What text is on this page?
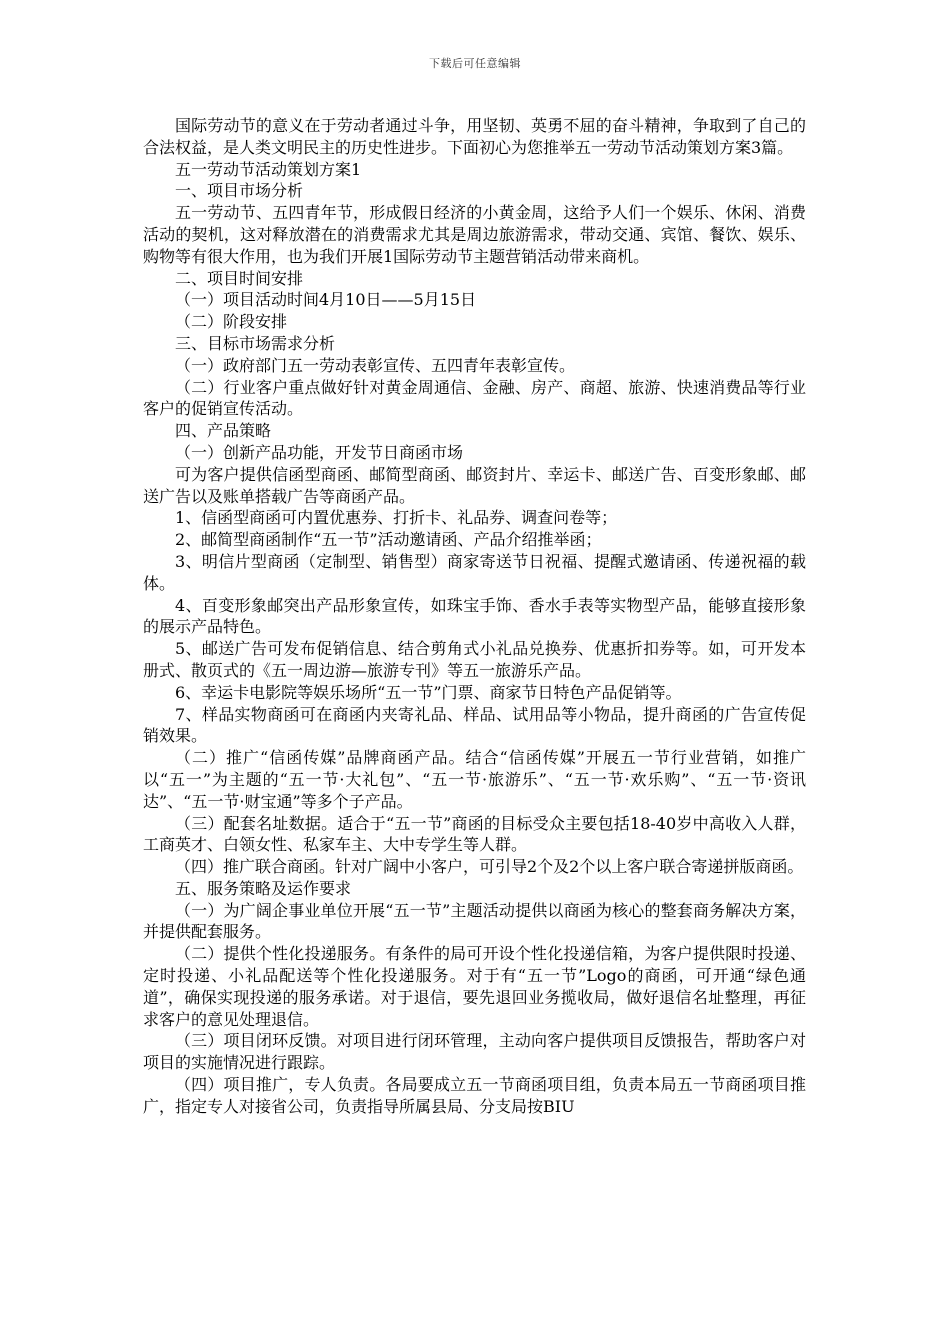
下载后可任意编辑

国际劳动节的意义在于劳动者通过斗争，用坚韧、英勇不屈的奋斗精神，争取到了自己的合法权益，是人类文明民主的历史性进步。下面初心为您推举五一劳动节活动策划方案3篇。

五一劳动节活动策划方案1

一、项目市场分析

五一劳动节、五四青年节，形成假日经济的小黄金周，这给予人们一个娱乐、休闲、消费活动的契机，这对释放潜在的消费需求尤其是周边旅游需求，带动交通、宾馆、餐饮、娱乐、购物等有很大作用，也为我们开展1国际劳动节主题营销活动带来商机。

二、项目时间安排

（一）项目活动时间4月10日——5月15日

（二）阶段安排

三、目标市场需求分析

（一）政府部门五一劳动表彰宣传、五四青年表彰宣传。

（二）行业客户重点做好针对黄金周通信、金融、房产、商超、旅游、快速消费品等行业客户的促销宣传活动。

四、产品策略

（一）创新产品功能，开发节日商函市场

可为客户提供信函型商函、邮简型商函、邮资封片、幸运卡、邮送广告、百变形象邮、邮送广告以及账单搭载广告等商函产品。

1、信函型商函可内置优惠券、打折卡、礼品券、调查问卷等；

2、邮简型商函制作“五一节”活动邀请函、产品介绍推举函；

3、明信片型商函（定制型、销售型）商家寄送节日祝福、提醒式邀请函、传递祝福的载体。

4、百变形象邮突出产品形象宣传，如珠宝手饰、香水手表等实物型产品，能够直接形象的展示产品特色。

5、邮送广告可发布促销信息、结合剪角式小礼品兑换券、优惠折扣券等。如，可开发本册式、散页式的《五一周边游—旅游专刊》等五一旅游乐产品。

6、幸运卡电影院等娱乐场所“五一节”门票、商家节日特色产品促销等。

7、样品实物商函可在商函内夹寄礼品、样品、试用品等小物品，提升商函的广告宣传促销效果。

（二）推广“信函传媒”品牌商函产品。结合“信函传媒”开展五一节行业营销，如推广以“五一”为主题的“五一节·大礼包”、“五一节·旅游乐”、“五一节·欢乐购”、“五一节·资讯达”、“五一节·财宝通”等多个子产品。

（三）配套名址数据。适合于“五一节”商函的目标受众主要包括18-40岁中高收入人群，工商英才、白领女性、私家车主、大中专学生等人群。

（四）推广联合商函。针对广阔中小客户，可引导2个及2个以上客户联合寄递拼版商函。

五、服务策略及运作要求

（一）为广阔企事业单位开展“五一节”主题活动提供以商函为核心的整套商务解决方案，并提供配套服务。

（二）提供个性化投递服务。有条件的局可开设个性化投递信箱，为客户提供限时投递、定时投递、小礼品配送等个性化投递服务。对于有“五一节”Logo的商函，可开通“绿色通道”，确保实现投递的服务承诺。对于退信，要先退回业务揽收局，做好退信名址整理，再征求客户的意见处理退信。

（三）项目闭环反馈。对项目进行闭环管理，主动向客户提供项目反馈报告，帮助客户对项目的实施情况进行跟踪。

（四）项目推广，专人负责。各局要成立五一节商函项目组，负责本局五一节商函项目推广，指定专人对接省公司，负责指导所属县局、分支局按BIU
